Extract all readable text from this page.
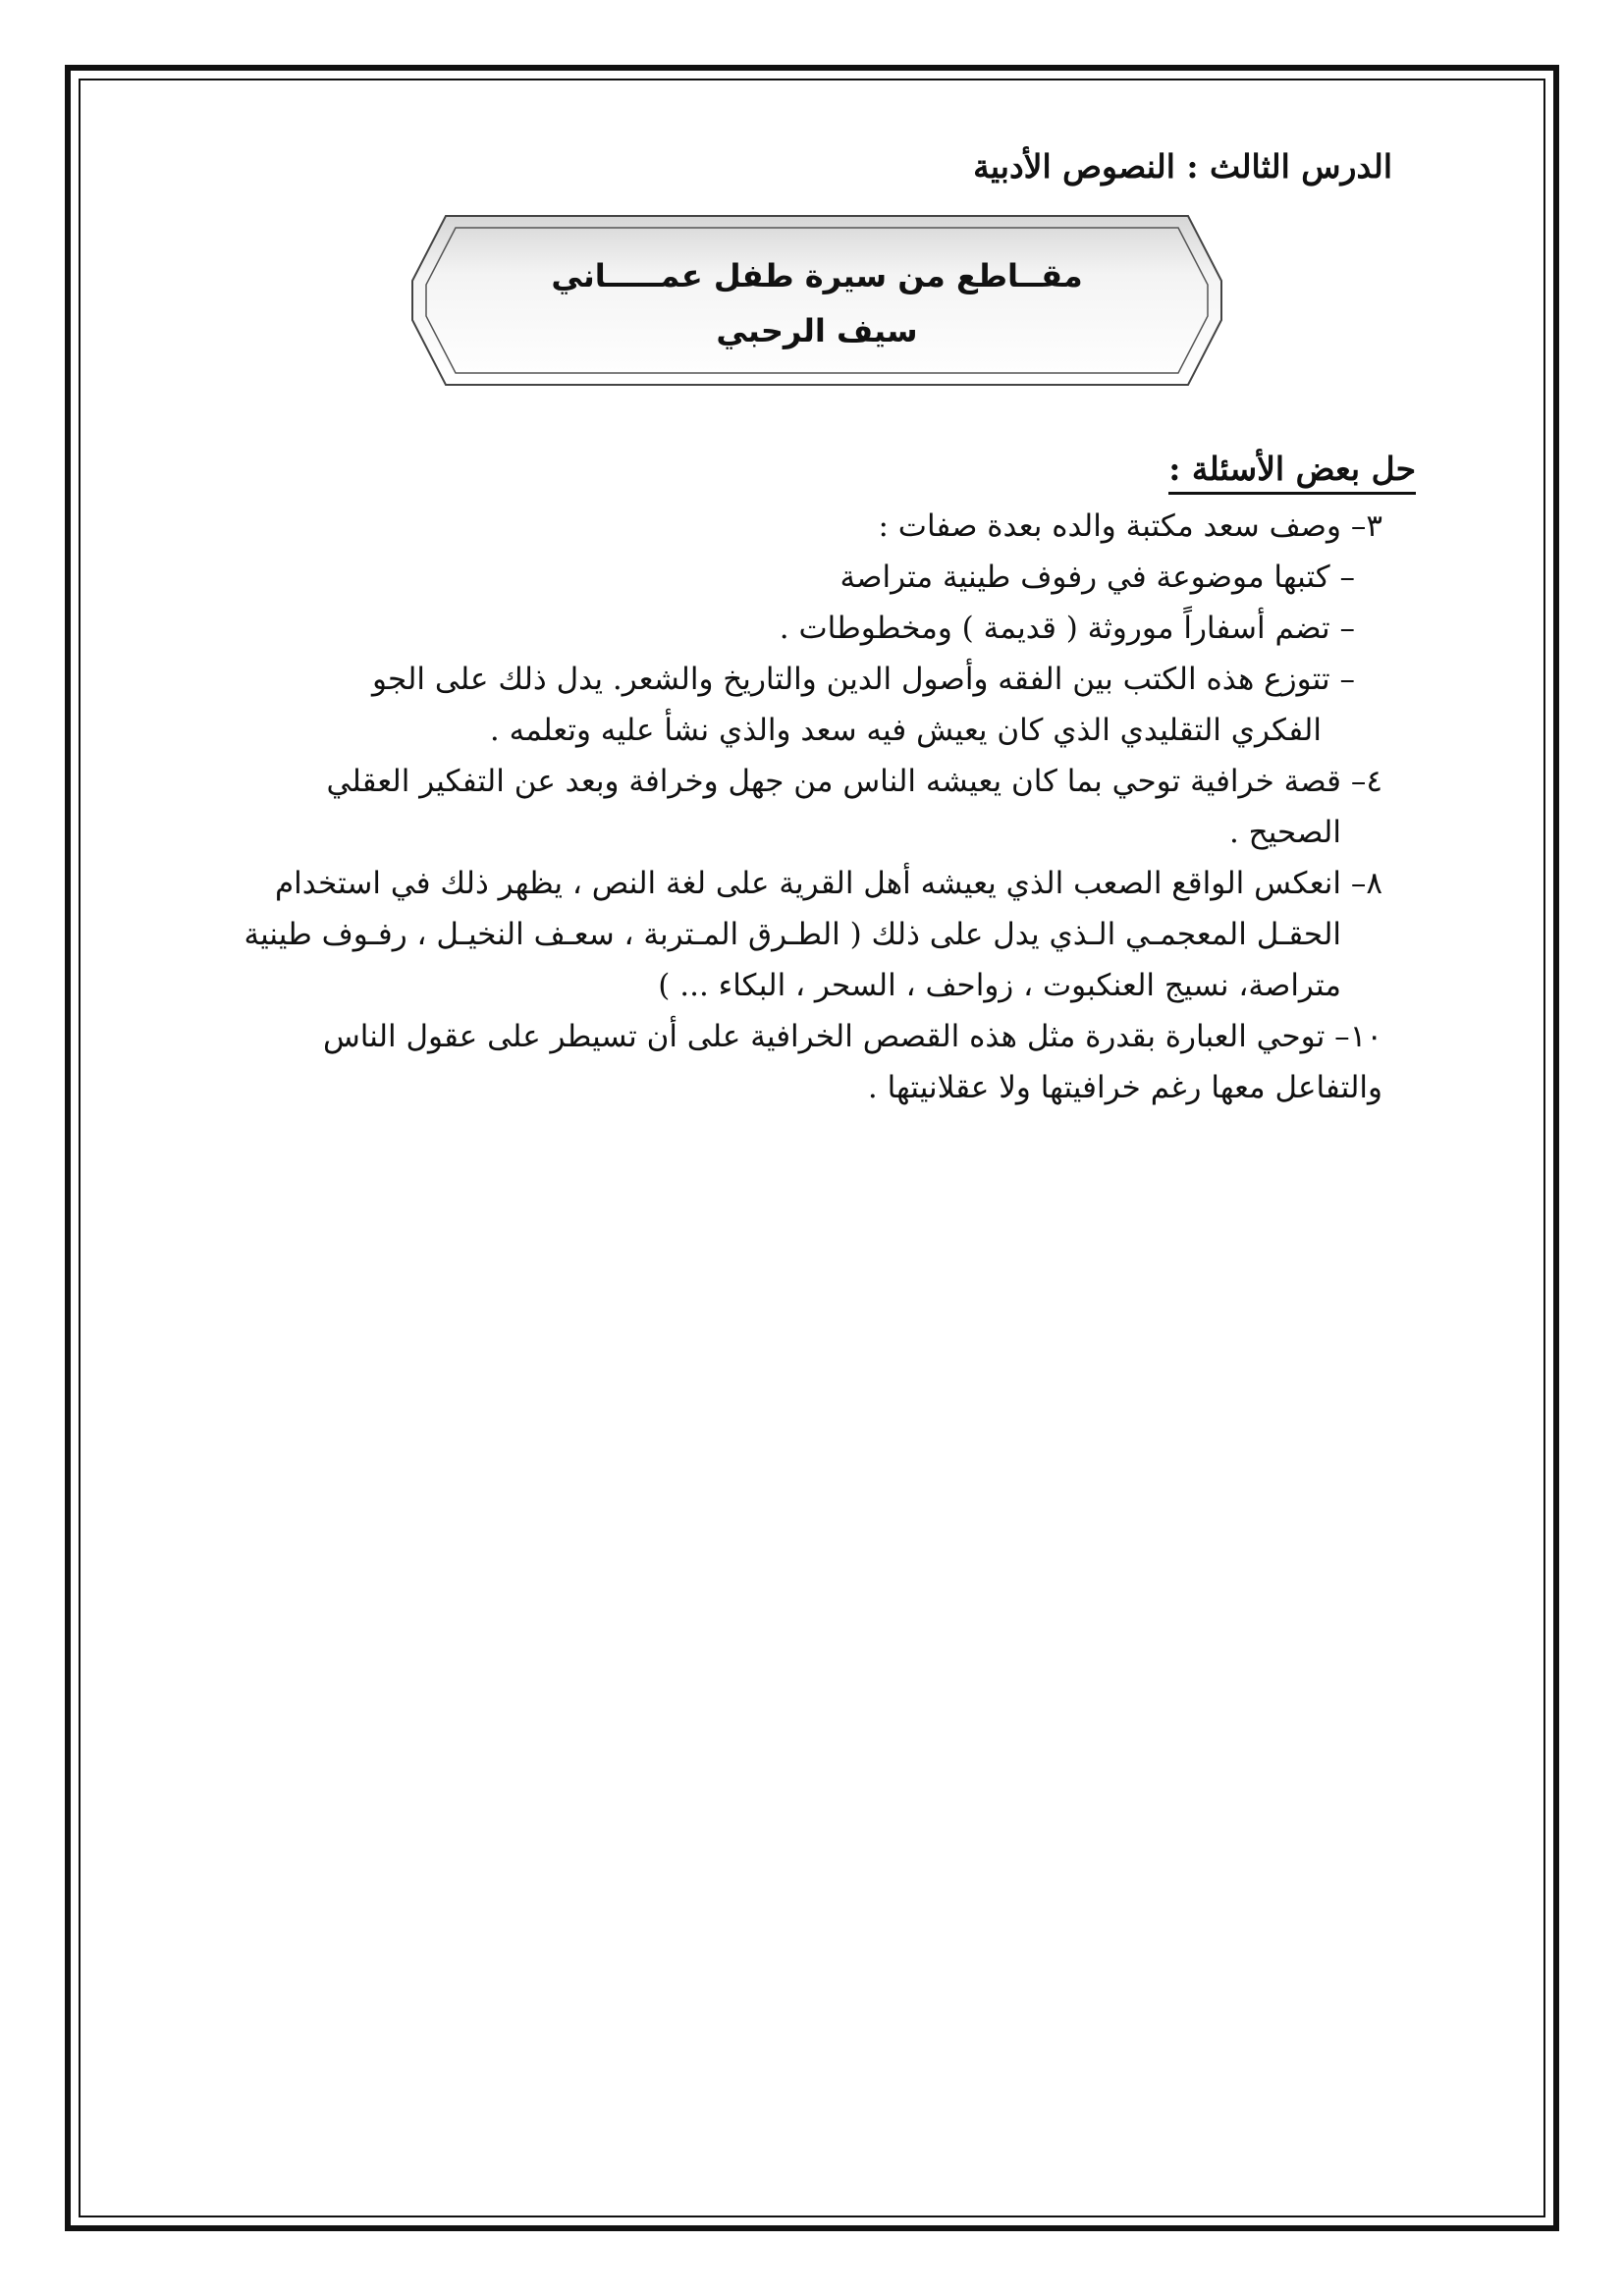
الدرس الثالث : النصوص الأدبية
مقــاطع من سيرة طفل عمـــــاني
سيف الرحبي
حل بعض الأسئلة :
٣– وصف سعد مكتبة والده بعدة صفات :
– كتبها موضوعة في رفوف طينية متراصة
– تضم أسفاراً موروثة ( قديمة ) ومخطوطات .
– تتوزع هذه الكتب بين الفقه وأصول الدين والتاريخ والشعر. يدل ذلك على الجو
الفكري التقليدي الذي كان يعيش فيه سعد والذي نشأ عليه وتعلمه .
٤– قصة خرافية توحي بما كان يعيشه الناس من جهل وخرافة وبعد عن التفكير العقلي
الصحيح .
٨– انعكس الواقع الصعب الذي يعيشه أهل القرية على لغة النص ، يظهر ذلك في استخدام
الحقـل المعجمـي الـذي يدل على ذلك ( الطـرق المـتربة ، سعـف النخيـل ، رفـوف طينية
متراصة، نسيج العنكبوت ، زواحف ، السحر ، البكاء ... )
١٠– توحي العبارة بقدرة مثل هذه القصص الخرافية على أن تسيطر على عقول الناس
والتفاعل معها رغم خرافيتها ولا عقلانيتها .
